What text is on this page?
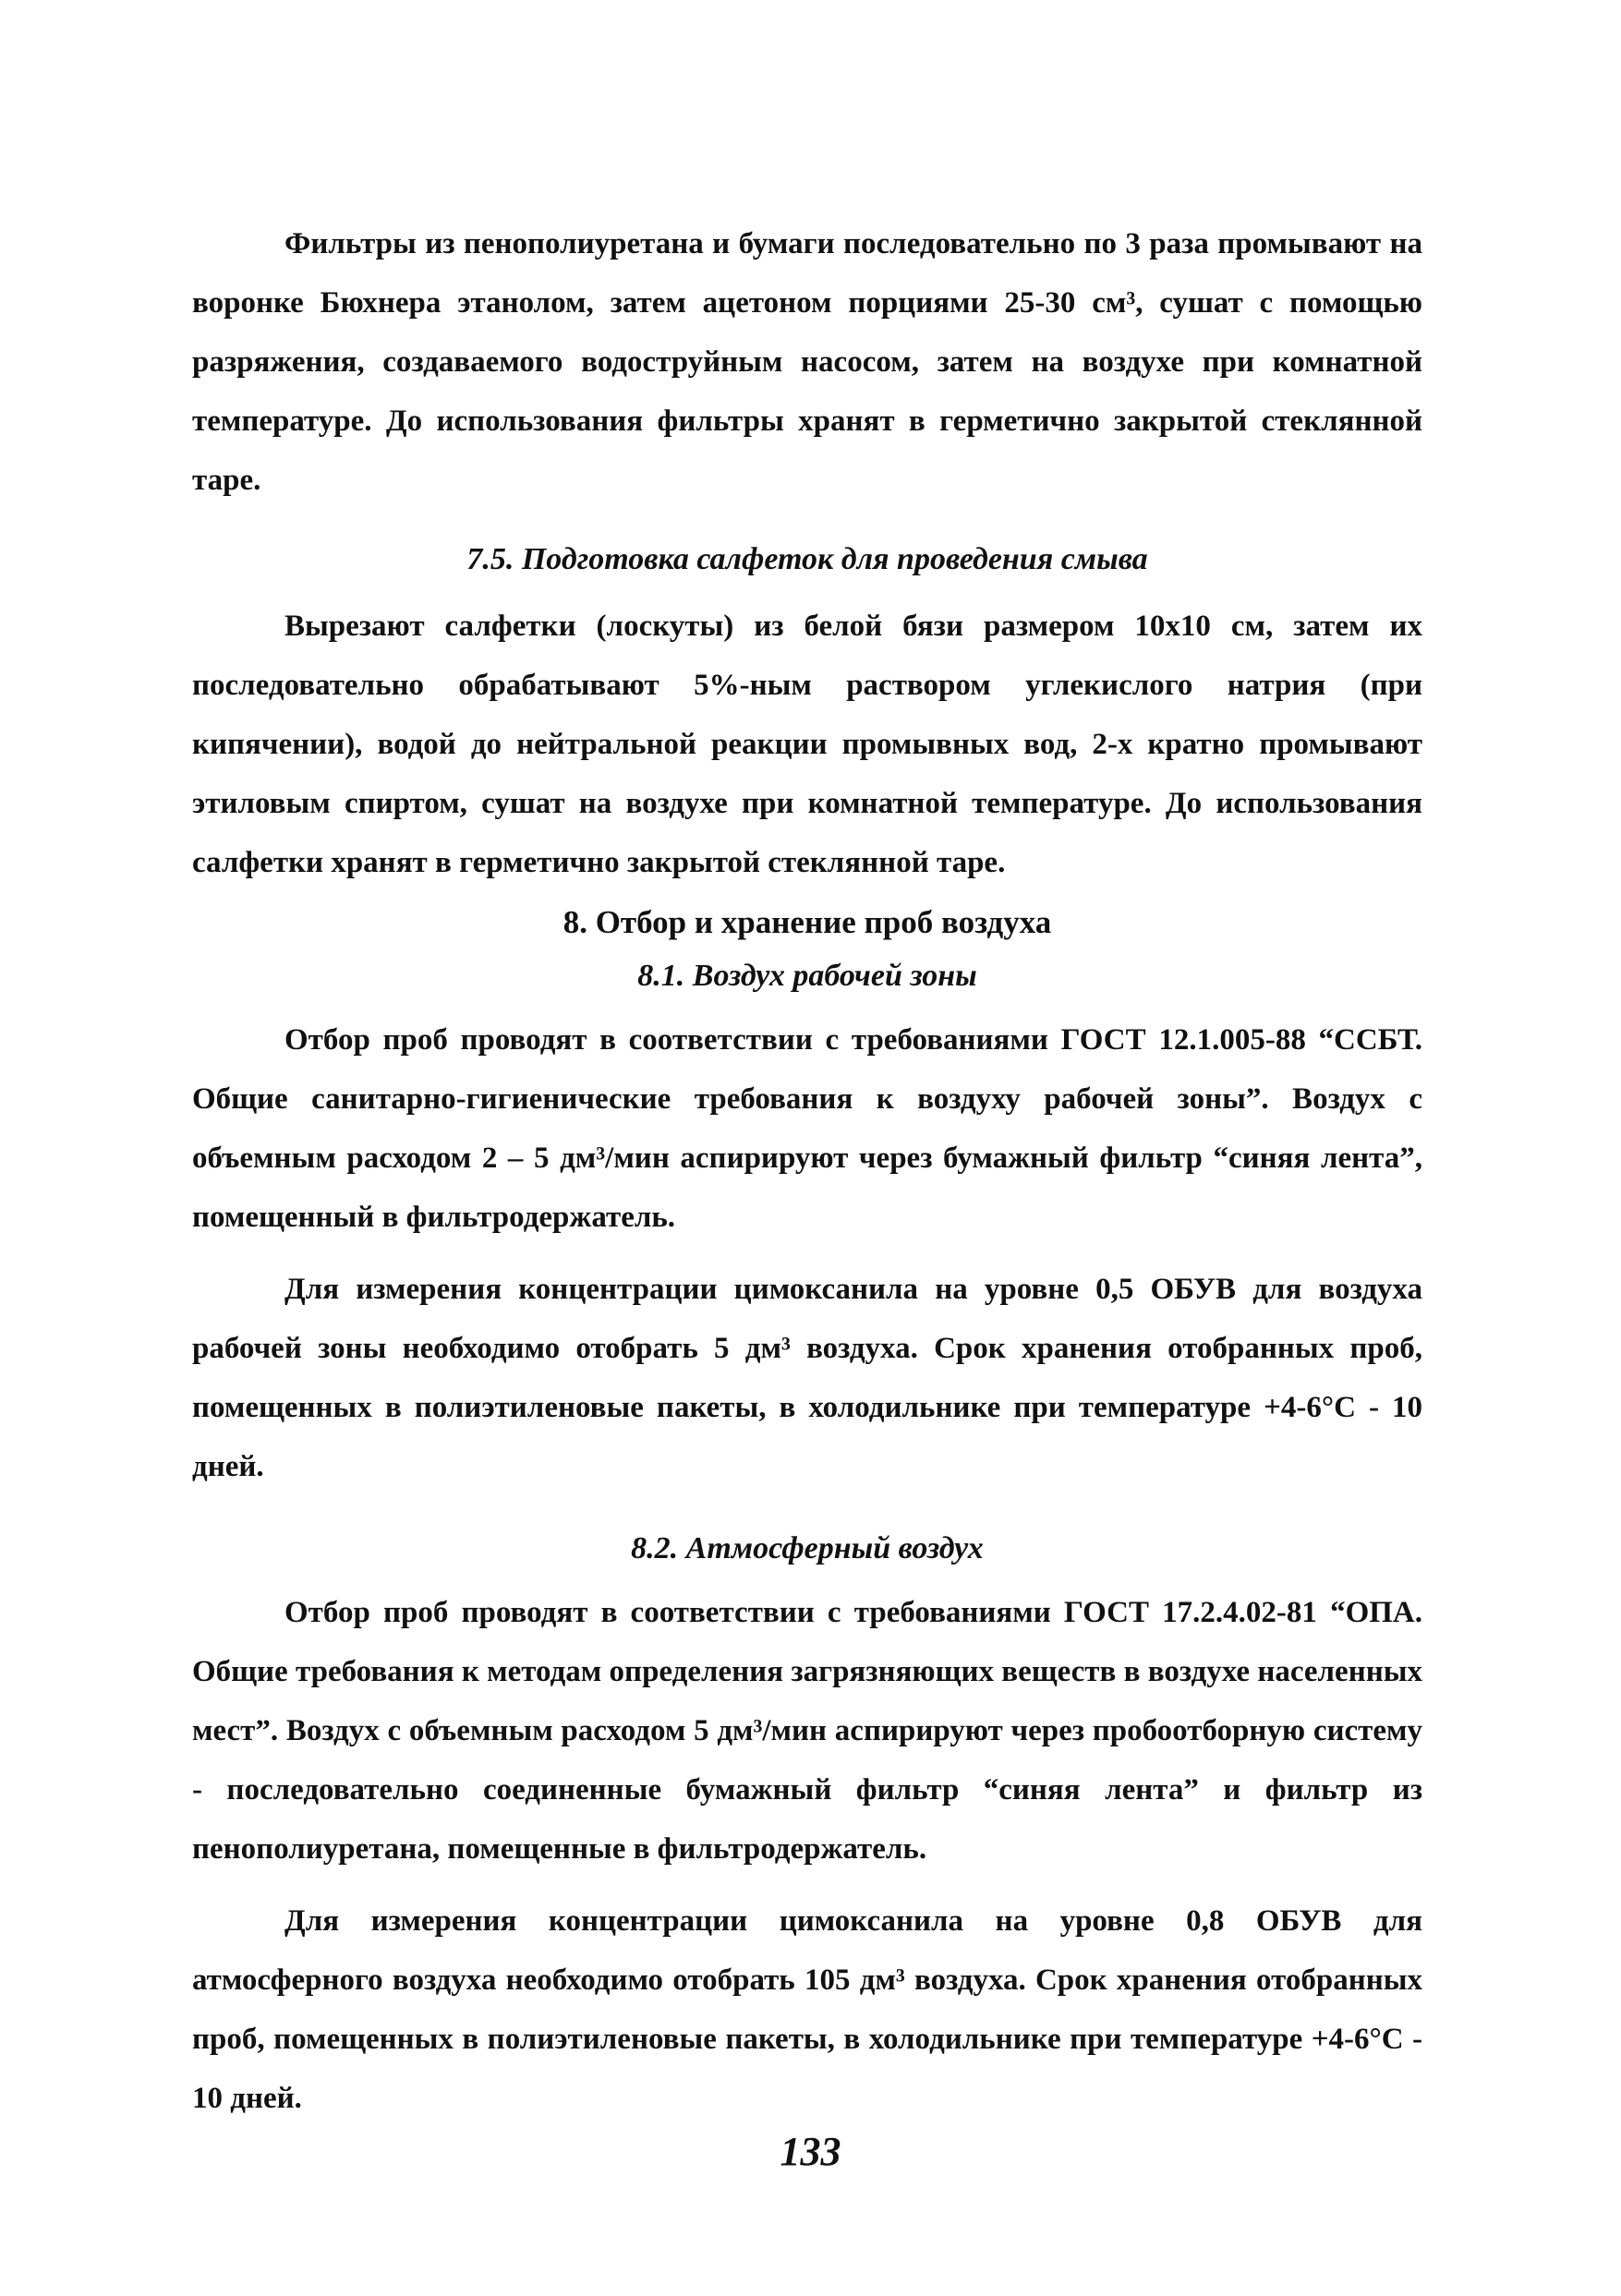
Фильтры из пенополиуретана и бумаги последовательно по 3 раза промывают на воронке Бюхнера этанолом, затем ацетоном порциями 25-30 см³, сушат с помощью разряжения, создаваемого водоструйным насосом, затем на воздухе при комнатной температуре. До использования фильтры хранят в герметично закрытой стеклянной таре.

7.5. Подготовка салфеток для проведения смыва

Вырезают салфетки (лоскуты) из белой бязи размером 10х10 см, затем их последовательно обрабатывают 5%-ным раствором углекислого натрия (при кипячении), водой до нейтральной реакции промывных вод, 2-х кратно промывают этиловым спиртом, сушат на воздухе при комнатной температуре. До использования салфетки хранят в герметично закрытой стеклянной таре.

8. Отбор и хранение проб воздуха
8.1. Воздух рабочей зоны

Отбор проб проводят в соответствии с требованиями ГОСТ 12.1.005-88 “ССБТ. Общие санитарно-гигиенические требования к воздуху рабочей зоны”. Воздух с объемным расходом 2 – 5 дм³/мин аспирируют через бумажный фильтр “синяя лента”, помещенный в фильтродержатель.

Для измерения концентрации цимоксанила на уровне 0,5 ОБУВ для воздуха рабочей зоны необходимо отобрать 5 дм³ воздуха. Срок хранения отобранных проб, помещенных в полиэтиленовые пакеты, в холодильнике при температуре +4-6°С - 10 дней.

8.2. Атмосферный воздух

Отбор проб проводят в соответствии с требованиями ГОСТ 17.2.4.02-81 “ОПА. Общие требования к методам определения загрязняющих веществ в воздухе населенных мест”. Воздух с объемным расходом 5 дм³/мин аспирируют через пробоотборную систему - последовательно соединенные бумажный фильтр “синяя лента” и фильтр из пенополиуретана, помещенные в фильтродержатель.

Для измерения концентрации цимоксанила на уровне 0,8 ОБУВ для атмосферного воздуха необходимо отобрать 105 дм³ воздуха. Срок хранения отобранных проб, помещенных в полиэтиленовые пакеты, в холодильнике при температуре +4-6°С - 10 дней.

133
